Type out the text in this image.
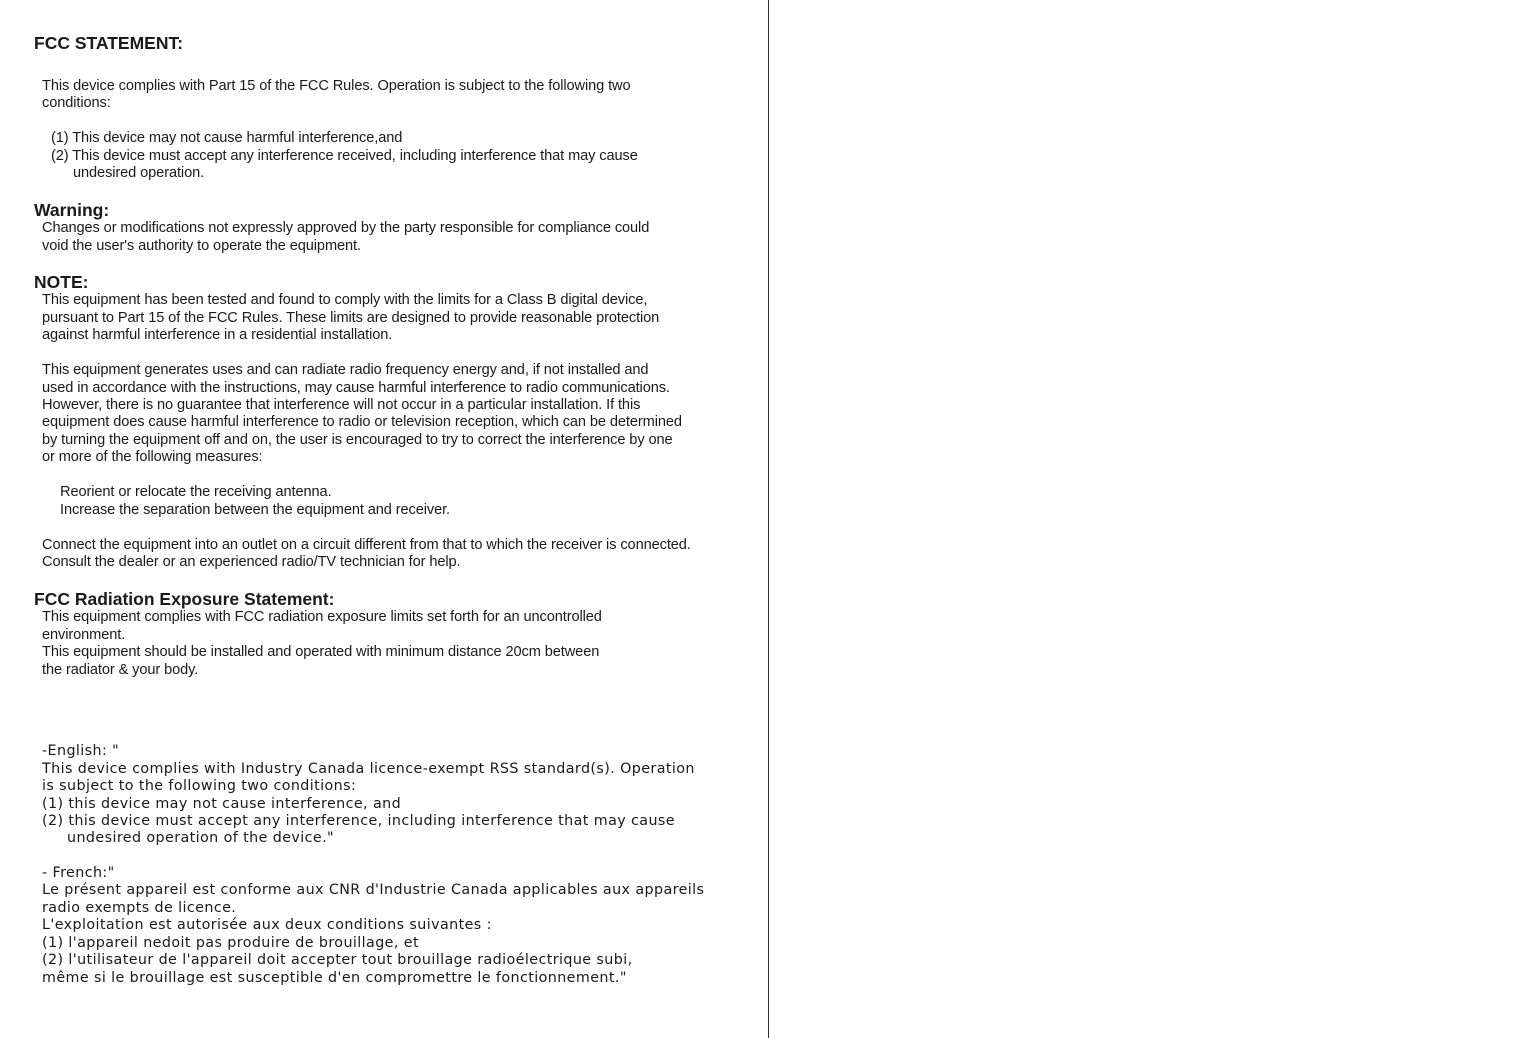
FCC STATEMENT:

This device complies with Part 15 of the FCC Rules. Operation is subject to the following two

conditions:

(1) This device may not cause harmful interference,and

(2) This device must accept any interference received, including interference that may cause

undesired operation.

Warning:

Changes or modifications not expressly approved by the party responsible for compliance could

void the user's authority to operate the equipment.

NOTE:

This equipment has been tested and found to comply with the limits for a Class B digital device,

pursuant to Part 15 of the FCC Rules. These limits are designed to provide reasonable protection

against harmful interference in a residential installation.

This equipment generates uses and can radiate radio frequency energy and, if not installed and

used in accordance with the instructions, may cause harmful interference to radio communications.

However, there is no guarantee that interference will not occur in a particular installation. If this

equipment does cause harmful interference to radio or television reception, which can be determined

by turning the equipment off and on, the user is encouraged to try to correct the interference by one

or more of the following measures:

Reorient or relocate the receiving antenna.

Increase the separation between the equipment and receiver.

Connect the equipment into an outlet on a circuit different from that to which the receiver is connected.

Consult the dealer or an experienced radio/TV technician for help.

FCC Radiation Exposure Statement:

This equipment complies with FCC radiation exposure limits set forth for an uncontrolled

environment.

This equipment should be installed and operated with minimum distance 20cm between

the radiator & your body.

-English: "

This device complies with Industry Canada licence-exempt RSS standard(s). Operation

is subject to the following two conditions:

(1) this device may not cause interference, and

(2) this device must accept any interference, including interference that may cause

undesired operation of the device."

- French:"

Le présent appareil est conforme aux CNR d'Industrie Canada applicables aux appareils

radio exempts de licence.

L'exploitation est autorisée aux deux conditions suivantes :

(1) l'appareil nedoit pas produire de brouillage, et

(2) l'utilisateur de l'appareil doit accepter tout brouillage radioélectrique subi,

même si le brouillage est susceptible d'en compromettre le fonctionnement."
